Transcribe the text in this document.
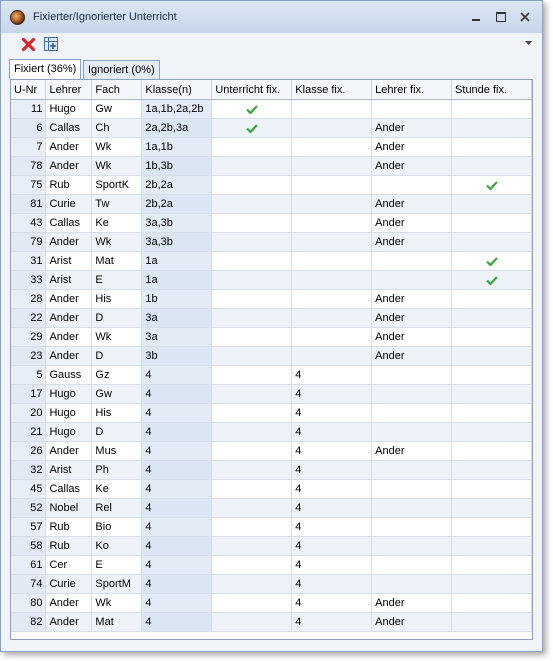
Fixierter/Ignorierter Unterricht
Fixiert (36%)	Ignoriert (0%)
U-Nr	Lehrer	Fach	Klasse(n)	Unterricht fix.	Klasse fix.	Lehrer fix.	Stunde fix.
11	Hugo	Gw	1a,1b,2a,2b				
6	Callas	Ch	2a,2b,3a			Ander	
7	Ander	Wk	1a,1b			Ander	
78	Ander	Wk	1b,3b			Ander	
75	Rub	SportK	2b,2a				
81	Curie	Tw	2b,2a			Ander	
43	Callas	Ke	3a,3b			Ander	
79	Ander	Wk	3a,3b			Ander	
31	Arist	Mat	1a				
33	Arist	E	1a				
28	Ander	His	1b			Ander	
22	Ander	D	3a			Ander	
29	Ander	Wk	3a			Ander	
23	Ander	D	3b			Ander	
5	Gauss	Gz	4		4		
17	Hugo	Gw	4		4		
20	Hugo	His	4		4		
21	Hugo	D	4		4		
26	Ander	Mus	4		4	Ander	
32	Arist	Ph	4		4		
45	Callas	Ke	4		4		
52	Nobel	Rel	4		4		
57	Rub	Bio	4		4		
58	Rub	Ko	4		4		
61	Cer	E	4		4		
74	Curie	SportM	4		4		
80	Ander	Wk	4		4	Ander	
82	Ander	Mat	4		4	Ander	
